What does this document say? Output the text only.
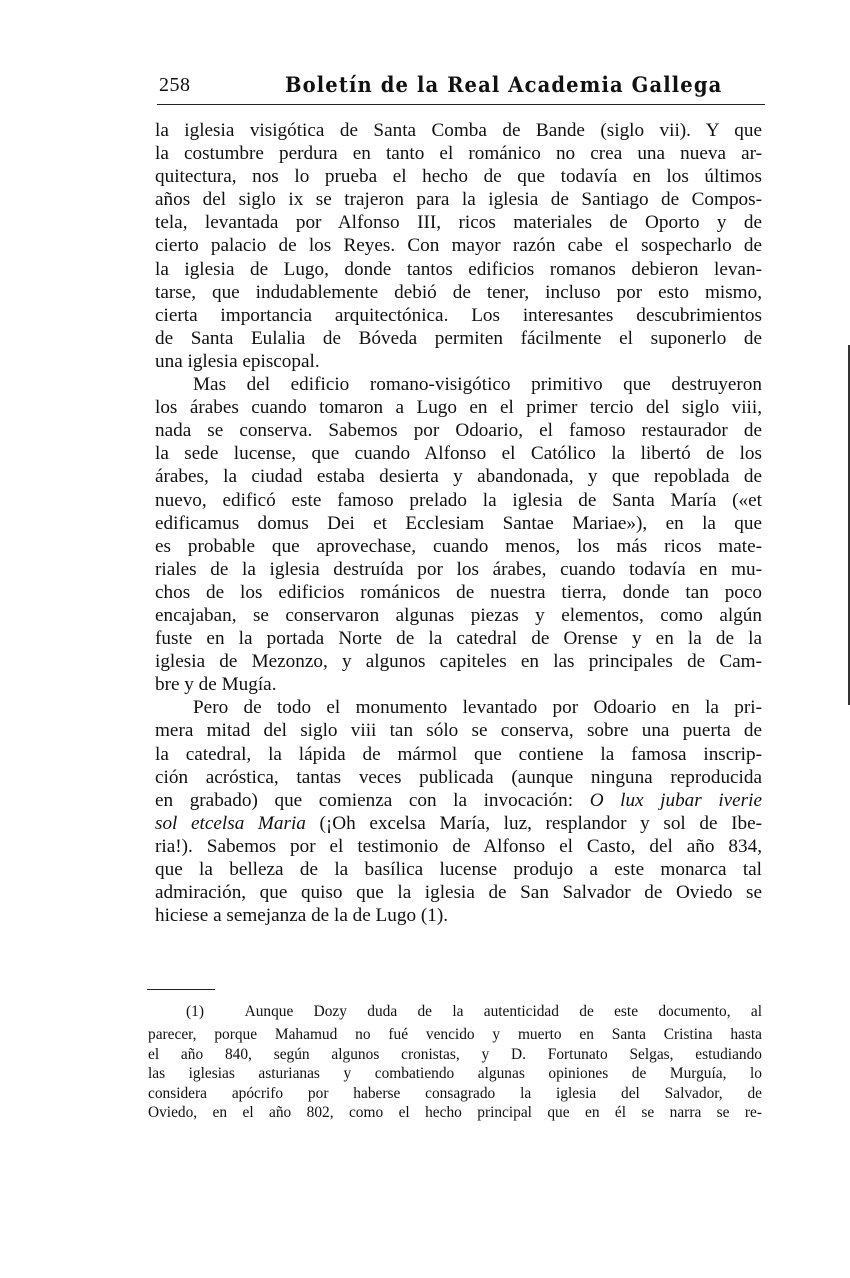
258	Boletín de la Real Academia Gallega
la iglesia visigótica de Santa Comba de Bande (siglo vii). Y que
la costumbre perdura en tanto el románico no crea una nueva ar-
quitectura, nos lo prueba el hecho de que todavía en los últimos
años del siglo ix se trajeron para la iglesia de Santiago de Compos-
tela, levantada por Alfonso III, ricos materiales de Oporto y de
cierto palacio de los Reyes. Con mayor razón cabe el sospecharlo de
la iglesia de Lugo, donde tantos edificios romanos debieron levan-
tarse, que indudablemente debió de tener, incluso por esto mismo,
cierta importancia arquitectónica. Los interesantes descubrimientos
de Santa Eulalia de Bóveda permiten fácilmente el suponerlo de
una iglesia episcopal.
Mas del edificio romano-visigótico primitivo que destruyeron
los árabes cuando tomaron a Lugo en el primer tercio del siglo viii,
nada se conserva. Sabemos por Odoario, el famoso restaurador de
la sede lucense, que cuando Alfonso el Católico la libertó de los
árabes, la ciudad estaba desierta y abandonada, y que repoblada de
nuevo, edificó este famoso prelado la iglesia de Santa María («et
edificamus domus Dei et Ecclesiam Santae Mariae»), en la que
es probable que aprovechase, cuando menos, los más ricos mate-
riales de la iglesia destruída por los árabes, cuando todavía en mu-
chos de los edificios románicos de nuestra tierra, donde tan poco
encajaban, se conservaron algunas piezas y elementos, como algún
fuste en la portada Norte de la catedral de Orense y en la de la
iglesia de Mezonzo, y algunos capiteles en las principales de Cam-
bre y de Mugía.
Pero de todo el monumento levantado por Odoario en la pri-
mera mitad del siglo viii tan sólo se conserva, sobre una puerta de
la catedral, la lápida de mármol que contiene la famosa inscrip-
ción acróstica, tantas veces publicada (aunque ninguna reproducida
en grabado) que comienza con la invocación: O lux jubar iverie
sol etcelsa Maria (¡Oh excelsa María, luz, resplandor y sol de Ibe-
ria!). Sabemos por el testimonio de Alfonso el Casto, del año 834,
que la belleza de la basílica lucense produjo a este monarca tal
admiración, que quiso que la iglesia de San Salvador de Oviedo se
hiciese a semejanza de la de Lugo (1).
(1)	Aunque Dozy duda de la autenticidad de este documento, al
parecer, porque Mahamud no fué vencido y muerto en Santa Cristina hasta
el año 840, según algunos cronistas, y D. Fortunato Selgas, estudiando
las iglesias asturianas y combatiendo algunas opiniones de Murguía, lo
considera apócrifo por haberse consagrado la iglesia del Salvador, de
Oviedo, en el año 802, como el hecho principal que en él se narra se re-
